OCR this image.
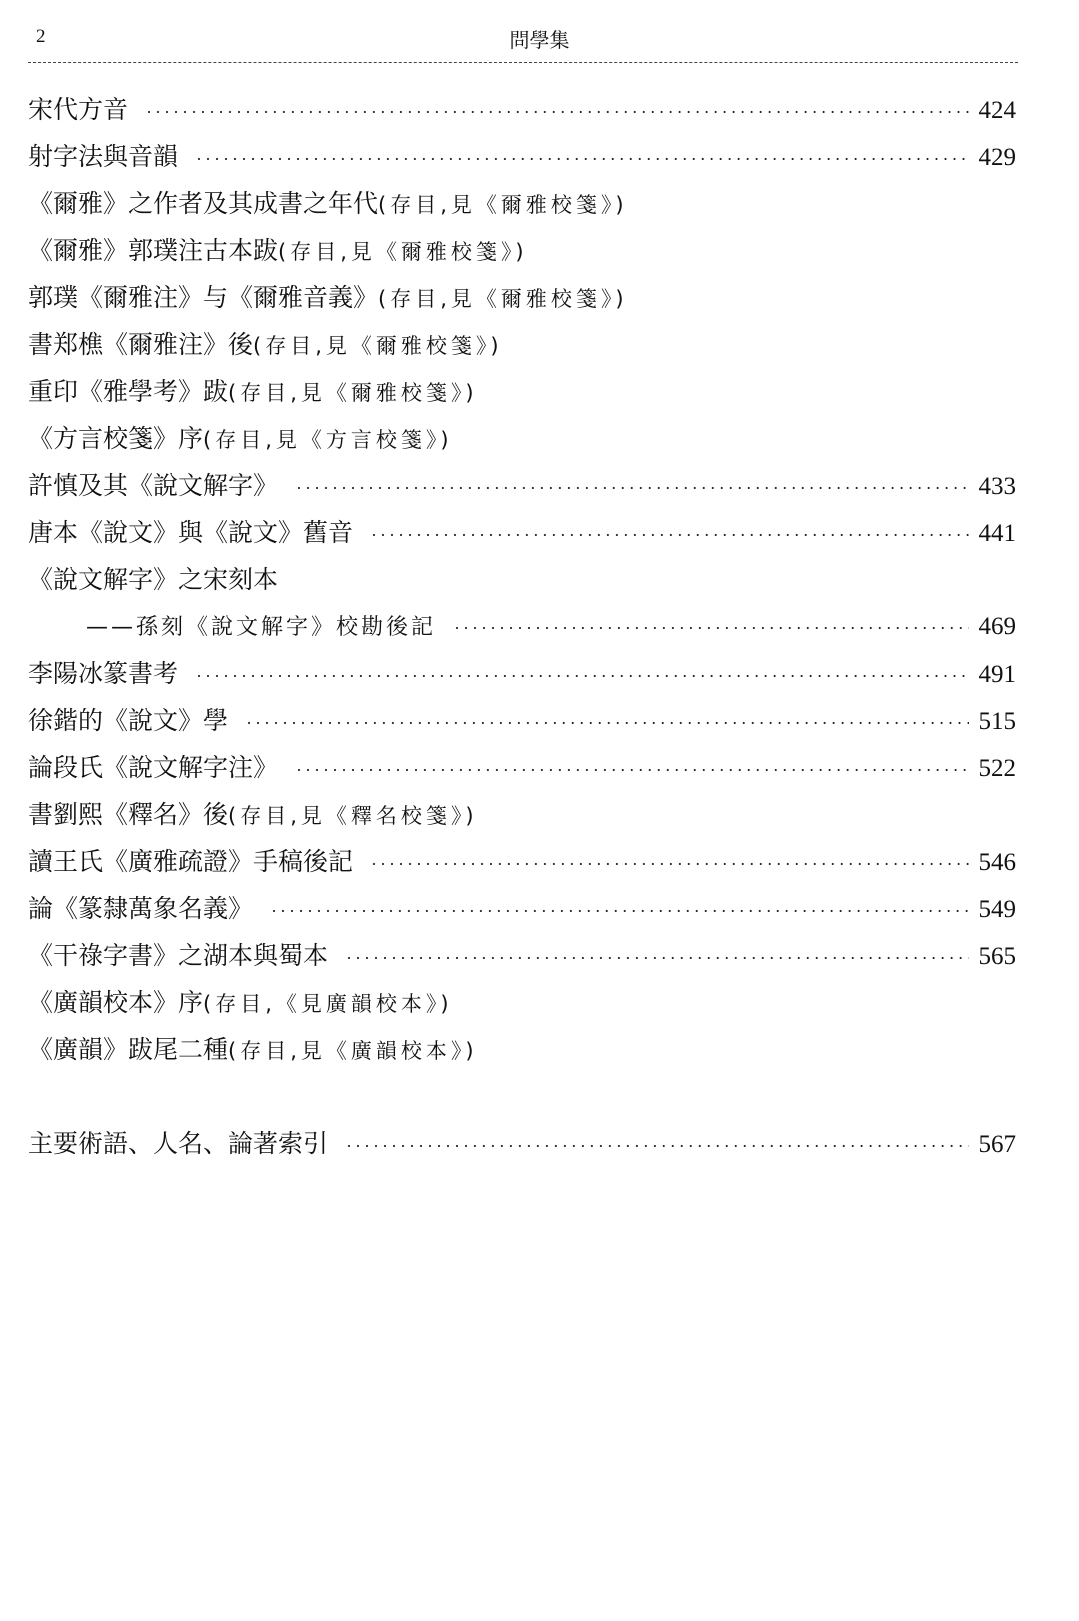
2	問學集
宋代方音 ·····	424
射字法與音韻 ·····	429
《爾雅》之作者及其成書之年代 (存目,見《爾雅校箋》)
《爾雅》郭璞注古本跋 (存目,見《爾雅校箋》)
郭璞《爾雅注》与《爾雅音義》 (存目,見《爾雅校箋》)
書郑樵《爾雅注》後 (存目,見《爾雅校箋》)
重印《雅學考》跋 (存目,見《爾雅校箋》)
《方言校箋》序 (存目,見《方言校箋》)
許慎及其《說文解字》 ·····	433
唐本《說文》與《說文》舊音 ·····	441
《說文解字》之宋刻本
——孫刻《說文解字》校勘後記 ·····	469
李陽冰篆書考 ·····	491
徐鍇的《說文》學 ·····	515
論段氏《說文解字注》 ·····	522
書劉熙《釋名》後 (存目,見《釋名校箋》)
讀王氏《廣雅疏證》手稿後記 ·····	546
論《篆隸萬象名義》 ·····	549
《干祿字書》之湖本與蜀本 ·····	565
《廣韻校本》序 (存目,《見廣韻校本》)
《廣韻》跋尾二種 (存目,見《廣韻校本》)
主要術語、人名、論著索引 ·····	567
